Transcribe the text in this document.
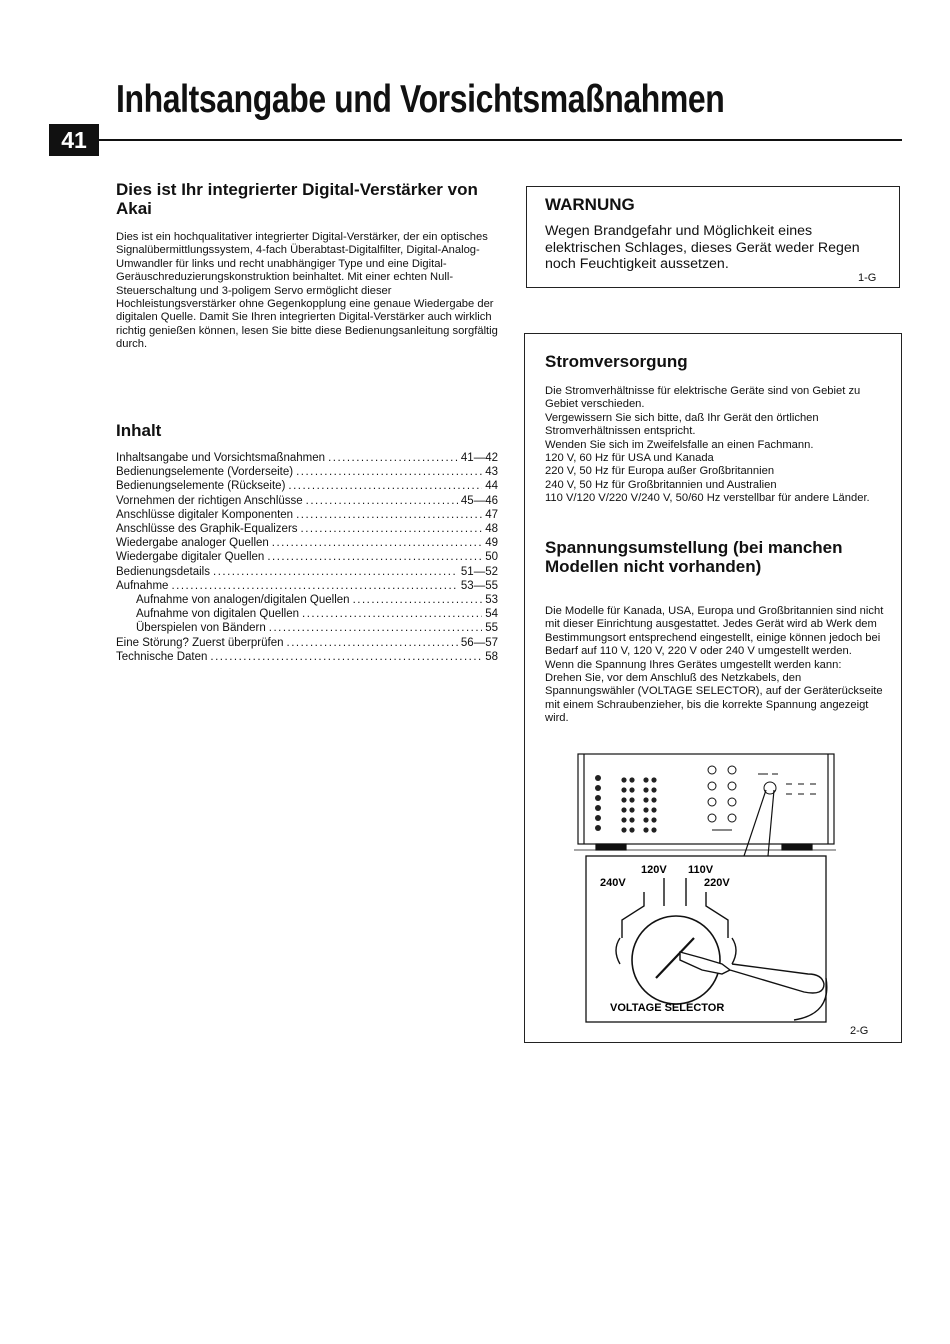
Inhaltsangabe und Vorsichtsmaßnahmen
41
Dies ist Ihr integrierter Digital-Verstärker von Akai
Dies ist ein hochqualitativer integrierter Digital-Verstärker, der ein optisches Signalübermittlungssystem, 4-fach Überabtast-Digitalfilter, Digital-Analog-Umwandler für links und recht unabhängiger Type und eine Digital-Geräuschreduzierungskonstruktion beinhaltet. Mit einer echten Null-Steuerschaltung und 3-poligem Servo ermöglicht dieser Hochleistungsverstärker ohne Gegenkopplung eine genaue Wiedergabe der digitalen Quelle. Damit Sie Ihren integrierten Digital-Verstärker auch wirklich richtig genießen können, lesen Sie bitte diese Bedienungsanleitung sorgfältig durch.
Inhalt
Inhaltsangabe und Vorsichtsmaßnahmen .....	41—42
Bedienungselemente (Vorderseite) .....	43
Bedienungselemente (Rückseite) .....	44
Vornehmen der richtigen Anschlüsse .....	45—46
Anschlüsse digitaler Komponenten .....	47
Anschlüsse des Graphik-Equalizers .....	48
Wiedergabe analoger Quellen .....	49
Wiedergabe digitaler Quellen .....	50
Bedienungsdetails .....	51—52
Aufnahme .....	53—55
Aufnahme von analogen/digitalen Quellen .....	53
Aufnahme von digitalen Quellen .....	54
Überspielen von Bändern .....	55
Eine Störung? Zuerst überprüfen .....	56—57
Technische Daten .....	58
WARNUNG
Wegen Brandgefahr und Möglichkeit eines elektrischen Schlages, dieses Gerät weder Regen noch Feuchtigkeit aussetzen.
1-G
Stromversorgung
Die Stromverhältnisse für elektrische Geräte sind von Gebiet zu Gebiet verschieden.
Vergewissern Sie sich bitte, daß Ihr Gerät den örtlichen Stromverhältnissen entspricht.
Wenden Sie sich im Zweifelsfalle an einen Fachmann.
120 V, 60 Hz für USA und Kanada
220 V, 50 Hz für Europa außer Großbritannien
240 V, 50 Hz für Großbritannien und Australien
110 V/120 V/220 V/240 V, 50/60 Hz verstellbar für andere Länder.
Spannungsumstellung (bei manchen Modellen nicht vorhanden)
Die Modelle für Kanada, USA, Europa und Großbritannien sind nicht mit dieser Einrichtung ausgestattet. Jedes Gerät wird ab Werk dem Bestimmungsort entsprechend eingestellt, einige können jedoch bei Bedarf auf 110 V, 120 V, 220 V oder 240 V umgestellt werden.
Wenn die Spannung Ihres Gerätes umgestellt werden kann:
Drehen Sie, vor dem Anschluß des Netzkabels, den Spannungswähler (VOLTAGE SELECTOR), auf der Geräterückseite mit einem Schraubenzieher, bis die korrekte Spannung angezeigt wird.
120V 110V
240V	220V
VOLTAGE SELECTOR
2-G
